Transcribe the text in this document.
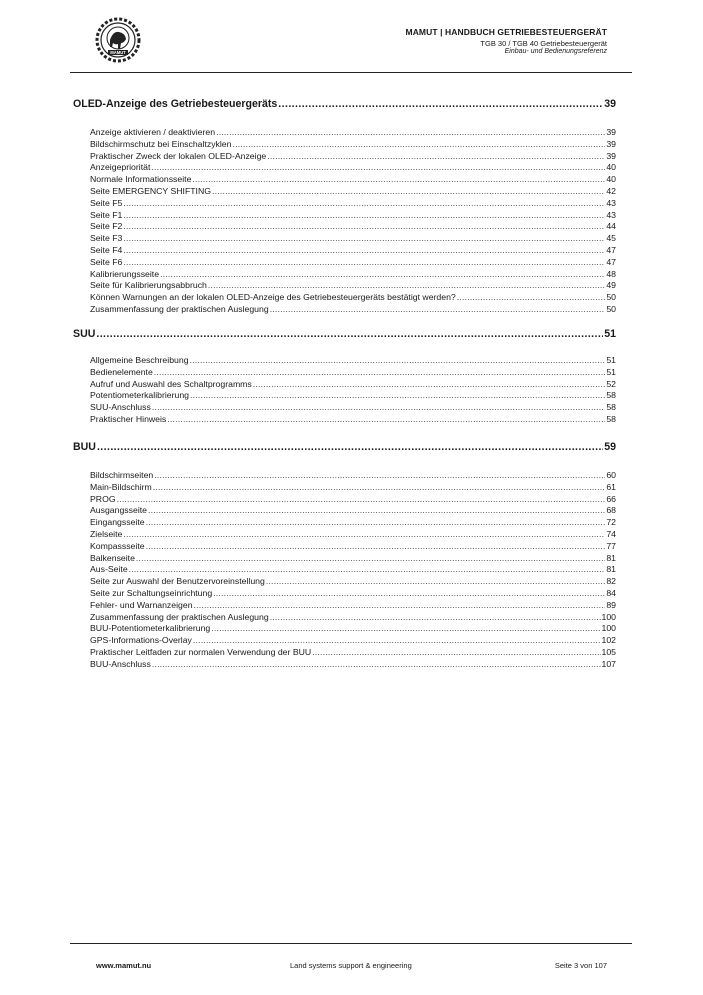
MAMUT
MAMUT | HANDBUCH GETRIEBESTEUERGERÄT
TGB 30 / TGB 40 Getriebesteuergerät
Einbau- und Bedienungsreferenz
OLED-Anzeige des Getriebesteuergeräts .....	39
Anzeige aktivieren / deaktivieren .....	39
Bildschirmschutz bei Einschaltzyklen .....	39
Praktischer Zweck der lokalen OLED-Anzeige .....	39
Anzeigepriorität .....	40
Normale Informationsseite .....	40
Seite EMERGENCY SHIFTING .....	42
Seite F5 .....	43
Seite F1 .....	43
Seite F2 .....	44
Seite F3 .....	45
Seite F4 .....	47
Seite F6 .....	47
Kalibrierungsseite .....	48
Seite für Kalibrierungsabbruch .....	49
Können Warnungen an der lokalen OLED-Anzeige des Getriebesteuergeräts bestätigt werden? .....	50
Zusammenfassung der praktischen Auslegung .....	50
SUU .....	51
Allgemeine Beschreibung .....	51
Bedienelemente .....	51
Aufruf und Auswahl des Schaltprogramms .....	52
Potentiometerkalibrierung .....	58
SUU-Anschluss .....	58
Praktischer Hinweis .....	58
BUU .....	59
Bildschirmseiten .....	60
Main-Bildschirm .....	61
PROG .....	66
Ausgangsseite .....	68
Eingangsseite .....	72
Zielseite .....	74
Kompassseite .....	77
Balkenseite .....	81
Aus-Seite .....	81
Seite zur Auswahl der Benutzervoreinstellung .....	82
Seite zur Schaltungseinrichtung .....	84
Fehler- und Warnanzeigen .....	89
Zusammenfassung der praktischen Auslegung .....	100
BUU-Potentiometerkalibrierung .....	100
GPS-Informations-Overlay .....	102
Praktischer Leitfaden zur normalen Verwendung der BUU .....	105
BUU-Anschluss .....	107
www.mamut.nu	Land systems support & engineering	Seite 3 von 107
